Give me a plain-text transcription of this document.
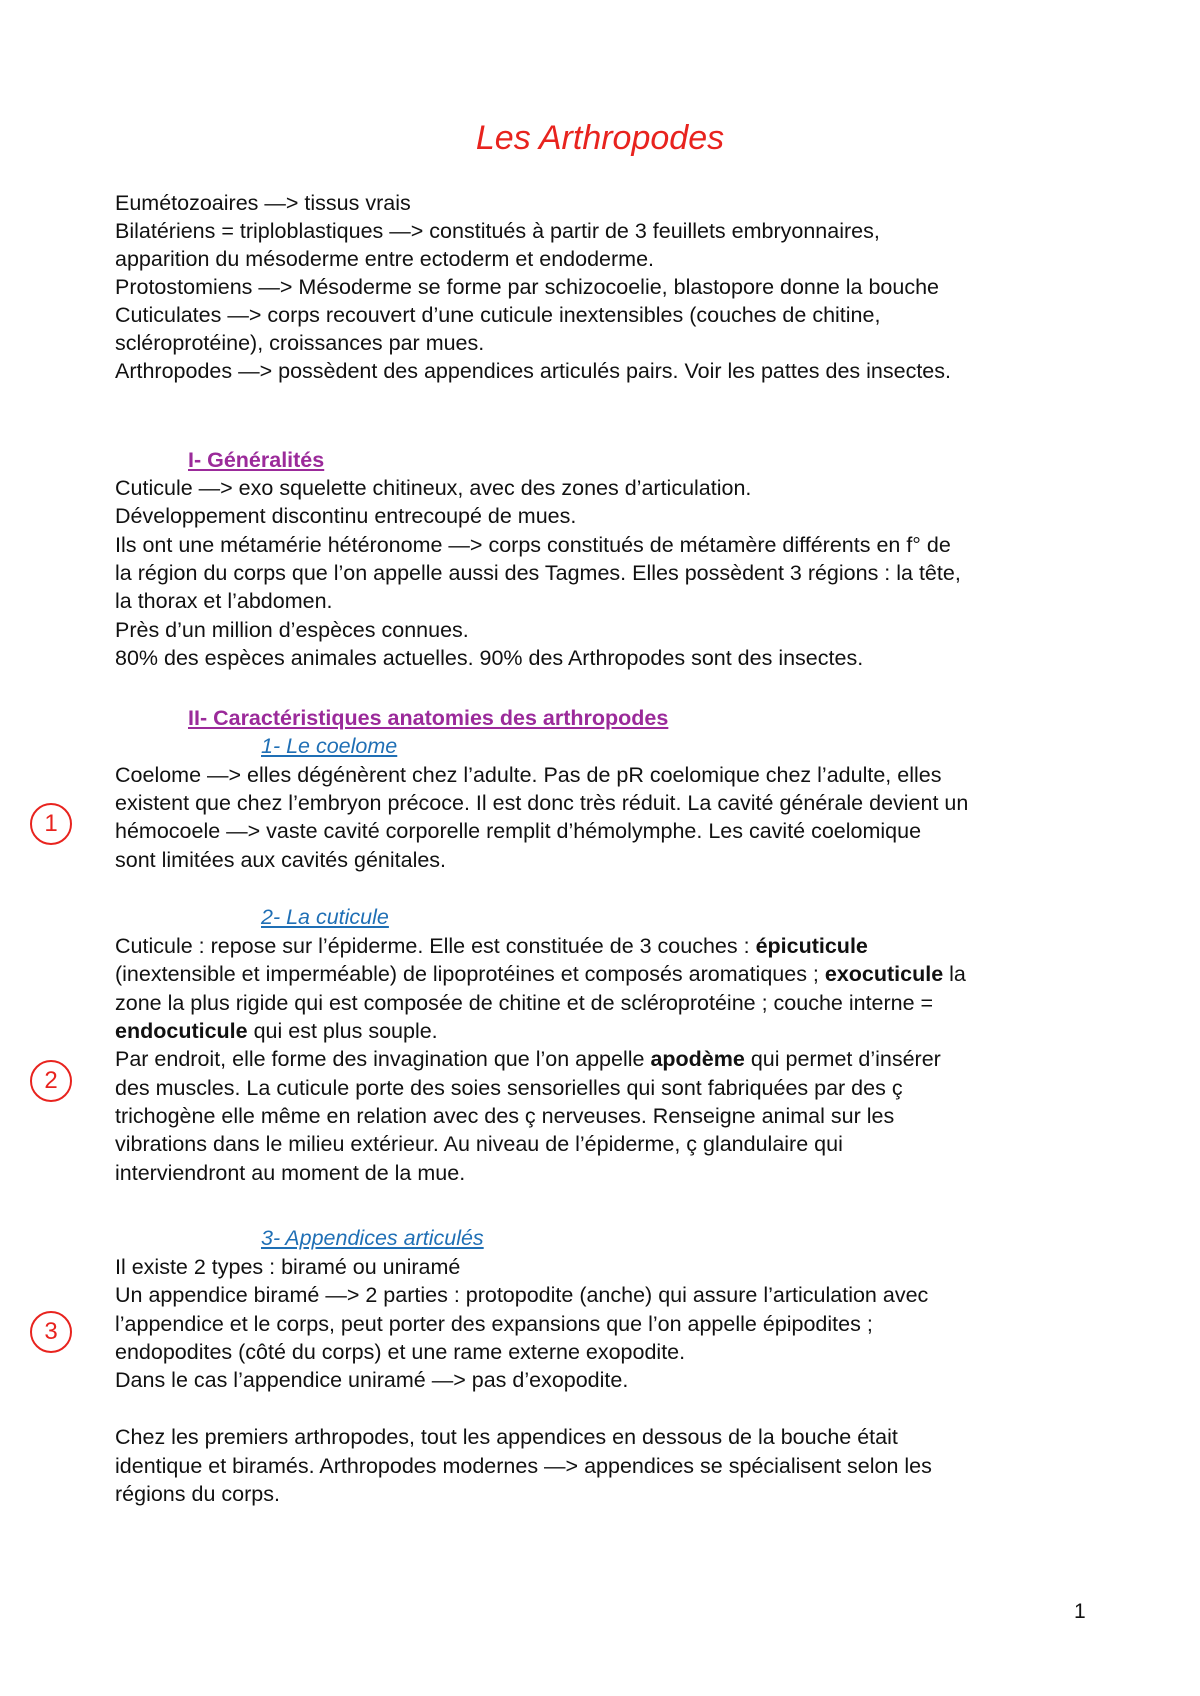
Les Arthropodes

Eumétozoaires —> tissus vrais

Bilatériens = triploblastiques —> constitués à partir de 3 feuillets embryonnaires,

apparition du mésoderme entre ectoderm et endoderme.

Protostomiens —> Mésoderme se forme par schizocoelie, blastopore donne la bouche

Cuticulates —> corps recouvert d’une cuticule inextensibles (couches de chitine,

scléroprotéine), croissances par mues.

Arthropodes —> possèdent des appendices articulés pairs. Voir les pattes des insectes.

I- Généralités

Cuticule —> exo squelette chitineux, avec des zones d’articulation.

Développement discontinu entrecoupé de mues.

Ils ont une métamérie hétéronome —> corps constitués de métamère différents en f° de

la région du corps que l’on appelle aussi des Tagmes. Elles possèdent 3 régions : la tête,

la thorax et l’abdomen.

Près d’un million d’espèces connues.

80% des espèces animales actuelles. 90% des Arthropodes sont des insectes.

II- Caractéristiques anatomies des arthropodes

1- Le coelome

Coelome —> elles dégénèrent chez l’adulte. Pas de pR coelomique chez l’adulte, elles

existent que chez l’embryon précoce. Il est donc très réduit. La cavité générale devient un

hémocoele —> vaste cavité corporelle remplit d’hémolymphe. Les cavité coelomique

sont limitées aux cavités génitales.

1

2- La cuticule

Cuticule : repose sur l’épiderme. Elle est constituée de 3 couches : épicuticule

(inextensible et imperméable) de lipoprotéines et composés aromatiques ; exocuticule la

zone la plus rigide qui est composée de chitine et de scléroprotéine ; couche interne =

endocuticule qui est plus souple.

Par endroit, elle forme des invagination que l’on appelle apodème qui permet d’insérer

des muscles. La cuticule porte des soies sensorielles qui sont fabriquées par des ç

trichogène elle même en relation avec des ç nerveuses. Renseigne animal sur les

vibrations dans le milieu extérieur. Au niveau de l’épiderme, ç glandulaire qui

interviendront au moment de la mue.

2

3- Appendices articulés

Il existe 2 types : biramé ou uniramé

Un appendice biramé —> 2 parties : protopodite (anche) qui assure l’articulation avec

l’appendice et le corps, peut porter des expansions que l’on appelle épipodites ;

endopodites (côté du corps) et une rame externe exopodite.

Dans le cas l’appendice uniramé —> pas d’exopodite.

3

Chez les premiers arthropodes, tout les appendices en dessous de la bouche était

identique et biramés. Arthropodes modernes —> appendices se spécialisent selon les

régions du corps.

1
